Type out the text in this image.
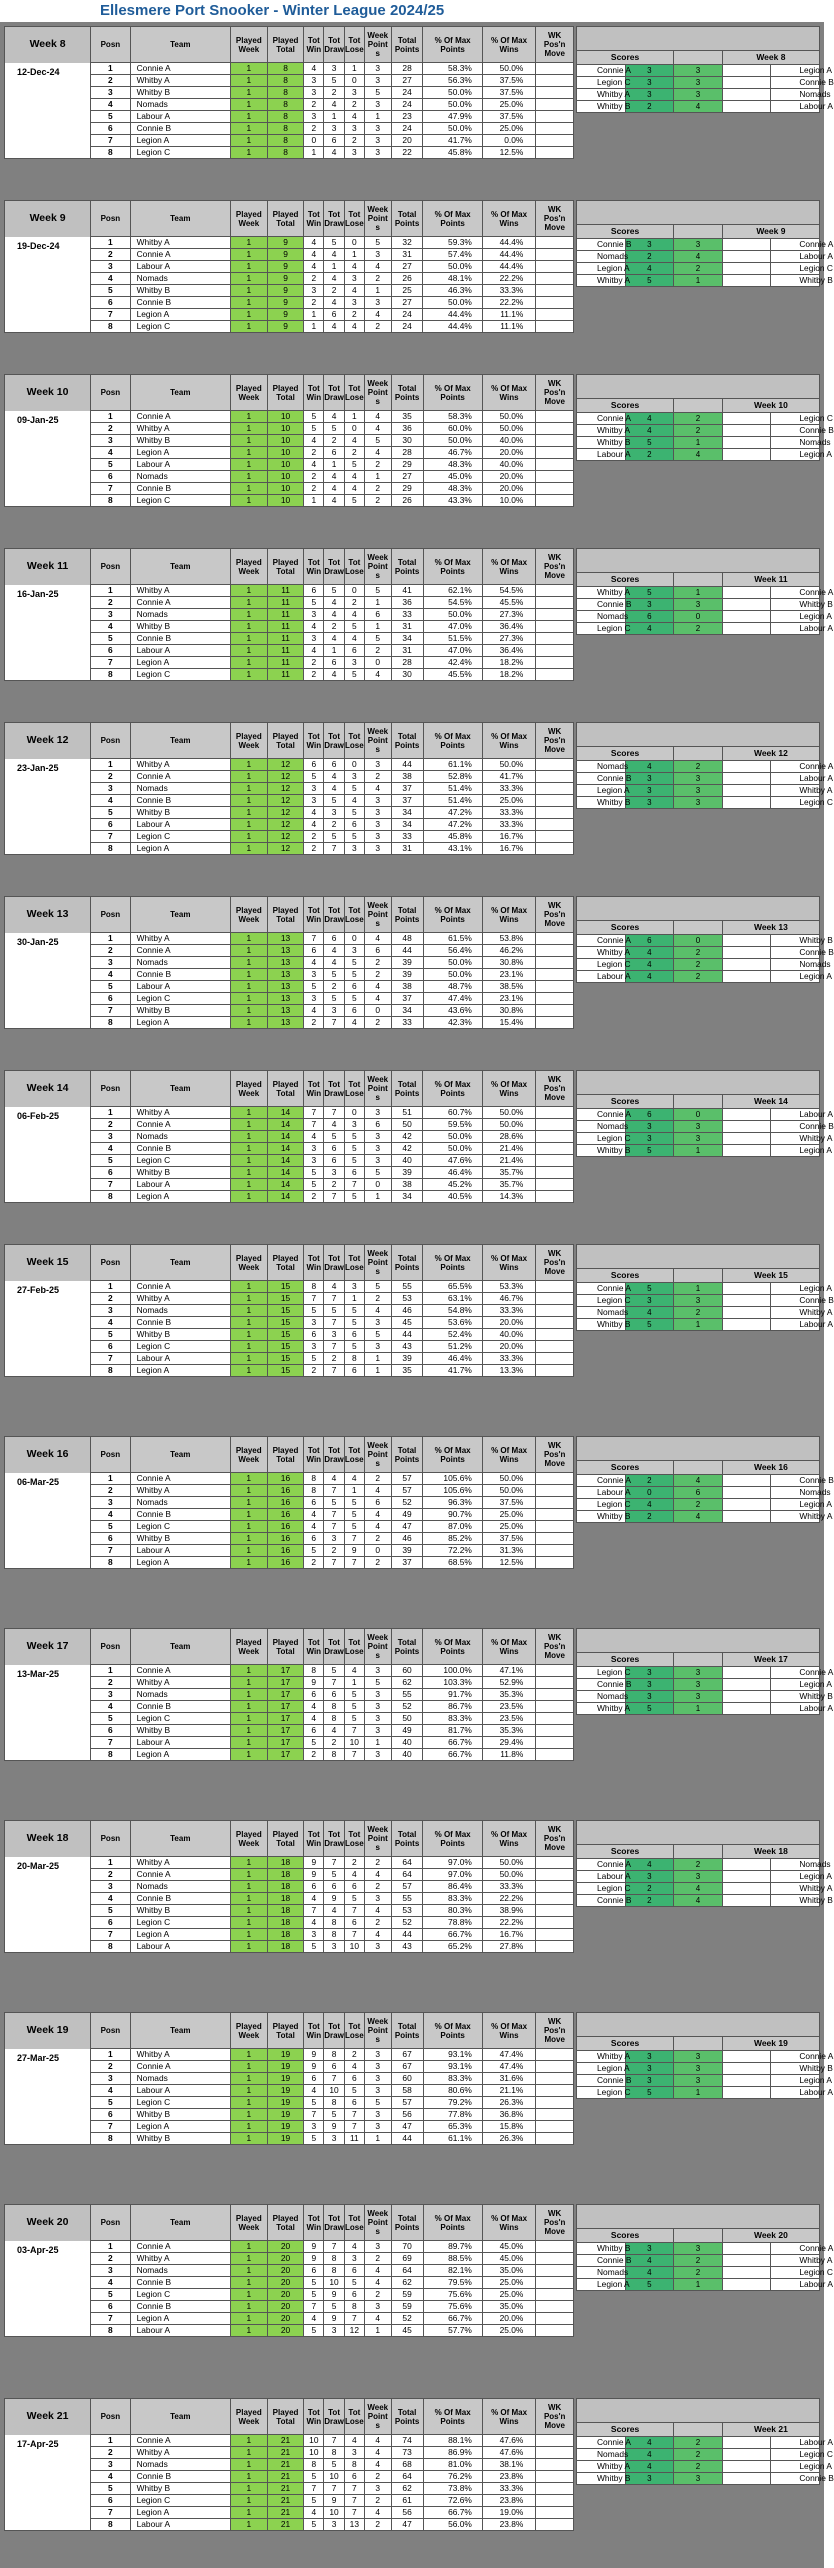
Ellesmere Port Snooker - Winter League 2024/25
Week 8
12-Dec-24	Posn	Team	Played Week	Played Total	Tot Win	Tot Draw	Tot Lose	Week Point s	Total Points	% Of Max Points	% Of Max Wins	WK Pos'n Move
	1	Connie A	1	8	4	3	1	3	28	58.3%	50.0%	
	2	Whitby A	1	8	3	5	0	3	27	56.3%	37.5%	
	3	Whitby B	1	8	3	2	3	5	24	50.0%	37.5%	
	4	Nomads	1	8	2	4	2	3	24	50.0%	25.0%	
	5	Labour A	1	8	3	1	4	1	23	47.9%	37.5%	
	6	Connie B	1	8	2	3	3	3	24	50.0%	25.0%	
	7	Legion A	1	8	0	6	2	3	20	41.7%	0.0%	
	8	Legion C	1	8	1	4	3	3	22	45.8%	12.5%	

Scores			Week 8	
Connie A	3	3		Legion A
Legion C	3	3		Connie B
Whitby A	3	3		Nomads
Whitby B	2	4		Labour A
Week 9
19-Dec-24	Posn	Team	Played Week	Played Total	Tot Win	Tot Draw	Tot Lose	Week Point s	Total Points	% Of Max Points	% Of Max Wins	WK Pos'n Move
	1	Whitby A	1	9	4	5	0	5	32	59.3%	44.4%	
	2	Connie A	1	9	4	4	1	3	31	57.4%	44.4%	
	3	Labour A	1	9	4	1	4	4	27	50.0%	44.4%	
	4	Nomads	1	9	2	4	3	2	26	48.1%	22.2%	
	5	Whitby B	1	9	3	2	4	1	25	46.3%	33.3%	
	6	Connie B	1	9	2	4	3	3	27	50.0%	22.2%	
	7	Legion A	1	9	1	6	2	4	24	44.4%	11.1%	
	8	Legion C	1	9	1	4	4	2	24	44.4%	11.1%	

Scores			Week 9	
Connie B	3	3		Connie A
Nomads	2	4		Labour A
Legion A	4	2		Legion C
Whitby A	5	1		Whitby B
Week 10
09-Jan-25	Posn	Team	Played Week	Played Total	Tot Win	Tot Draw	Tot Lose	Week Point s	Total Points	% Of Max Points	% Of Max Wins	WK Pos'n Move
	1	Connie A	1	10	5	4	1	4	35	58.3%	50.0%	
	2	Whitby A	1	10	5	5	0	4	36	60.0%	50.0%	
	3	Whitby B	1	10	4	2	4	5	30	50.0%	40.0%	
	4	Legion A	1	10	2	6	2	4	28	46.7%	20.0%	
	5	Labour A	1	10	4	1	5	2	29	48.3%	40.0%	
	6	Nomads	1	10	2	4	4	1	27	45.0%	20.0%	
	7	Connie B	1	10	2	4	4	2	29	48.3%	20.0%	
	8	Legion C	1	10	1	4	5	2	26	43.3%	10.0%	

Scores			Week 10	
Connie A	4	2		Legion C
Whitby A	4	2		Connie B
Whitby B	5	1		Nomads
Labour A	2	4		Legion A
Week 11
16-Jan-25	Posn	Team	Played Week	Played Total	Tot Win	Tot Draw	Tot Lose	Week Point s	Total Points	% Of Max Points	% Of Max Wins	WK Pos'n Move
	1	Whitby A	1	11	6	5	0	5	41	62.1%	54.5%	
	2	Connie A	1	11	5	4	2	1	36	54.5%	45.5%	
	3	Nomads	1	11	3	4	4	6	33	50.0%	27.3%	
	4	Whitby B	1	11	4	2	5	1	31	47.0%	36.4%	
	5	Connie B	1	11	3	4	4	5	34	51.5%	27.3%	
	6	Labour A	1	11	4	1	6	2	31	47.0%	36.4%	
	7	Legion A	1	11	2	6	3	0	28	42.4%	18.2%	
	8	Legion C	1	11	2	4	5	4	30	45.5%	18.2%	

Scores			Week 11	
Whitby A	5	1		Connie A
Connie B	3	3		Whitby B
Nomads	6	0		Legion A
Legion C	4	2		Labour A
Week 12
23-Jan-25	Posn	Team	Played Week	Played Total	Tot Win	Tot Draw	Tot Lose	Week Point s	Total Points	% Of Max Points	% Of Max Wins	WK Pos'n Move
	1	Whitby A	1	12	6	6	0	3	44	61.1%	50.0%	
	2	Connie A	1	12	5	4	3	2	38	52.8%	41.7%	
	3	Nomads	1	12	3	4	5	4	37	51.4%	33.3%	
	4	Connie B	1	12	3	5	4	3	37	51.4%	25.0%	
	5	Whitby B	1	12	4	3	5	3	34	47.2%	33.3%	
	6	Labour A	1	12	4	2	6	3	34	47.2%	33.3%	
	7	Legion C	1	12	2	5	5	3	33	45.8%	16.7%	
	8	Legion A	1	12	2	7	3	3	31	43.1%	16.7%	

Scores			Week 12	
Nomads	4	2		Connie A
Connie B	3	3		Labour A
Legion A	3	3		Whitby A
Whitby B	3	3		Legion C
Week 13
30-Jan-25	Posn	Team	Played Week	Played Total	Tot Win	Tot Draw	Tot Lose	Week Point s	Total Points	% Of Max Points	% Of Max Wins	WK Pos'n Move
	1	Whitby A	1	13	7	6	0	4	48	61.5%	53.8%	
	2	Connie A	1	13	6	4	3	6	44	56.4%	46.2%	
	3	Nomads	1	13	4	4	5	2	39	50.0%	30.8%	
	4	Connie B	1	13	3	5	5	2	39	50.0%	23.1%	
	5	Labour A	1	13	5	2	6	4	38	48.7%	38.5%	
	6	Legion C	1	13	3	5	5	4	37	47.4%	23.1%	
	7	Whitby B	1	13	4	3	6	0	34	43.6%	30.8%	
	8	Legion A	1	13	2	7	4	2	33	42.3%	15.4%	

Scores			Week 13	
Connie A	6	0		Whitby B
Whitby A	4	2		Connie B
Legion C	4	2		Nomads
Labour A	4	2		Legion A
Week 14
06-Feb-25	Posn	Team	Played Week	Played Total	Tot Win	Tot Draw	Tot Lose	Week Point s	Total Points	% Of Max Points	% Of Max Wins	WK Pos'n Move
	1	Whitby A	1	14	7	7	0	3	51	60.7%	50.0%	
	2	Connie A	1	14	7	4	3	6	50	59.5%	50.0%	
	3	Nomads	1	14	4	5	5	3	42	50.0%	28.6%	
	4	Connie B	1	14	3	6	5	3	42	50.0%	21.4%	
	5	Legion C	1	14	3	6	5	3	40	47.6%	21.4%	
	6	Whitby B	1	14	5	3	6	5	39	46.4%	35.7%	
	7	Labour A	1	14	5	2	7	0	38	45.2%	35.7%	
	8	Legion A	1	14	2	7	5	1	34	40.5%	14.3%	

Scores			Week 14	
Connie A	6	0		Labour A
Nomads	3	3		Connie B
Legion C	3	3		Whitby A
Whitby B	5	1		Legion A
Week 15
27-Feb-25	Posn	Team	Played Week	Played Total	Tot Win	Tot Draw	Tot Lose	Week Point s	Total Points	% Of Max Points	% Of Max Wins	WK Pos'n Move
	1	Connie A	1	15	8	4	3	5	55	65.5%	53.3%	
	2	Whitby A	1	15	7	7	1	2	53	63.1%	46.7%	
	3	Nomads	1	15	5	5	5	4	46	54.8%	33.3%	
	4	Connie B	1	15	3	7	5	3	45	53.6%	20.0%	
	5	Whitby B	1	15	6	3	6	5	44	52.4%	40.0%	
	6	Legion C	1	15	3	7	5	3	43	51.2%	20.0%	
	7	Labour A	1	15	5	2	8	1	39	46.4%	33.3%	
	8	Legion A	1	15	2	7	6	1	35	41.7%	13.3%	

Scores			Week 15	
Connie A	5	1		Legion A
Legion C	3	3		Connie B
Nomads	4	2		Whitby A
Whitby B	5	1		Labour A
Week 16
06-Mar-25	Posn	Team	Played Week	Played Total	Tot Win	Tot Draw	Tot Lose	Week Point s	Total Points	% Of Max Points	% Of Max Wins	WK Pos'n Move
	1	Connie A	1	16	8	4	4	2	57	105.6%	50.0%	
	2	Whitby A	1	16	8	7	1	4	57	105.6%	50.0%	
	3	Nomads	1	16	6	5	5	6	52	96.3%	37.5%	
	4	Connie B	1	16	4	7	5	4	49	90.7%	25.0%	
	5	Legion C	1	16	4	7	5	4	47	87.0%	25.0%	
	6	Whitby B	1	16	6	3	7	2	46	85.2%	37.5%	
	7	Labour A	1	16	5	2	9	0	39	72.2%	31.3%	
	8	Legion A	1	16	2	7	7	2	37	68.5%	12.5%	

Scores			Week 16	
Connie A	2	4		Connie B
Labour A	0	6		Nomads
Legion C	4	2		Legion A
Whitby B	2	4		Whitby A
Week 17
13-Mar-25	Posn	Team	Played Week	Played Total	Tot Win	Tot Draw	Tot Lose	Week Point s	Total Points	% Of Max Points	% Of Max Wins	WK Pos'n Move
	1	Connie A	1	17	8	5	4	3	60	100.0%	47.1%	
	2	Whitby A	1	17	9	7	1	5	62	103.3%	52.9%	
	3	Nomads	1	17	6	6	5	3	55	91.7%	35.3%	
	4	Connie B	1	17	4	8	5	3	52	86.7%	23.5%	
	5	Legion C	1	17	4	8	5	3	50	83.3%	23.5%	
	6	Whitby B	1	17	6	4	7	3	49	81.7%	35.3%	
	7	Labour A	1	17	5	2	10	1	40	66.7%	29.4%	
	8	Legion A	1	17	2	8	7	3	40	66.7%	11.8%	

Scores			Week 17	
Legion C	3	3		Connie A
Connie B	3	3		Legion A
Nomads	3	3		Whitby B
Whitby A	5	1		Labour A
Week 18
20-Mar-25	Posn	Team	Played Week	Played Total	Tot Win	Tot Draw	Tot Lose	Week Point s	Total Points	% Of Max Points	% Of Max Wins	WK Pos'n Move
	1	Whitby A	1	18	9	7	2	2	64	97.0%	50.0%	
	2	Connie A	1	18	9	5	4	4	64	97.0%	50.0%	
	3	Nomads	1	18	6	6	6	2	57	86.4%	33.3%	
	4	Connie B	1	18	4	9	5	3	55	83.3%	22.2%	
	5	Whitby B	1	18	7	4	7	4	53	80.3%	38.9%	
	6	Legion C	1	18	4	8	6	2	52	78.8%	22.2%	
	7	Legion A	1	18	3	8	7	4	44	66.7%	16.7%	
	8	Labour A	1	18	5	3	10	3	43	65.2%	27.8%	

Scores			Week 18	
Connie A	4	2		Nomads
Labour A	3	3		Legion A
Legion C	2	4		Whitby A
Connie B	2	4		Whitby B
Week 19
27-Mar-25	Posn	Team	Played Week	Played Total	Tot Win	Tot Draw	Tot Lose	Week Point s	Total Points	% Of Max Points	% Of Max Wins	WK Pos'n Move
	1	Whitby A	1	19	9	8	2	3	67	93.1%	47.4%	
	2	Connie A	1	19	9	6	4	3	67	93.1%	47.4%	
	3	Nomads	1	19	6	7	6	3	60	83.3%	31.6%	
	4	Labour A	1	19	4	10	5	3	58	80.6%	21.1%	
	5	Legion C	1	19	5	8	6	5	57	79.2%	26.3%	
	6	Whitby B	1	19	7	5	7	3	56	77.8%	36.8%	
	7	Legion A	1	19	3	9	7	3	47	65.3%	15.8%	
	8	Whitby B	1	19	5	3	11	1	44	61.1%	26.3%	

Scores			Week 19	
Whitby A	3	3		Connie A
Legion A	3	3		Whitby B
Connie B	3	3		Legion A
Legion C	5	1		Labour A
Week 20
03-Apr-25	Posn	Team	Played Week	Played Total	Tot Win	Tot Draw	Tot Lose	Week Point s	Total Points	% Of Max Points	% Of Max Wins	WK Pos'n Move
	1	Connie A	1	20	9	7	4	3	70	89.7%	45.0%	
	2	Whitby A	1	20	9	8	3	2	69	88.5%	45.0%	
	3	Nomads	1	20	6	8	6	4	64	82.1%	35.0%	
	4	Connie B	1	20	5	10	5	4	62	79.5%	25.0%	
	5	Legion C	1	20	5	9	6	2	59	75.6%	25.0%	
	6	Connie B	1	20	7	5	8	3	59	75.6%	35.0%	
	7	Legion A	1	20	4	9	7	4	52	66.7%	20.0%	
	8	Labour A	1	20	5	3	12	1	45	57.7%	25.0%	

Scores			Week 20	
Whitby B	3	3		Connie A
Connie B	4	2		Whitby A
Nomads	4	2		Legion C
Legion A	5	1		Labour A
Week 21
17-Apr-25	Posn	Team	Played Week	Played Total	Tot Win	Tot Draw	Tot Lose	Week Point s	Total Points	% Of Max Points	% Of Max Wins	WK Pos'n Move
	1	Connie A	1	21	10	7	4	4	74	88.1%	47.6%	
	2	Whitby A	1	21	10	8	3	4	73	86.9%	47.6%	
	3	Nomads	1	21	8	5	8	4	68	81.0%	38.1%	
	4	Connie B	1	21	5	10	6	2	64	76.2%	23.8%	
	5	Whitby B	1	21	7	7	7	3	62	73.8%	33.3%	
	6	Legion C	1	21	5	9	7	2	61	72.6%	23.8%	
	7	Legion A	1	21	4	10	7	4	56	66.7%	19.0%	
	8	Labour A	1	21	5	3	13	2	47	56.0%	23.8%	

Scores			Week 21	
Connie A	4	2		Labour A
Nomads	4	2		Legion C
Whitby A	4	2		Legion A
Whitby B	3	3		Connie B
